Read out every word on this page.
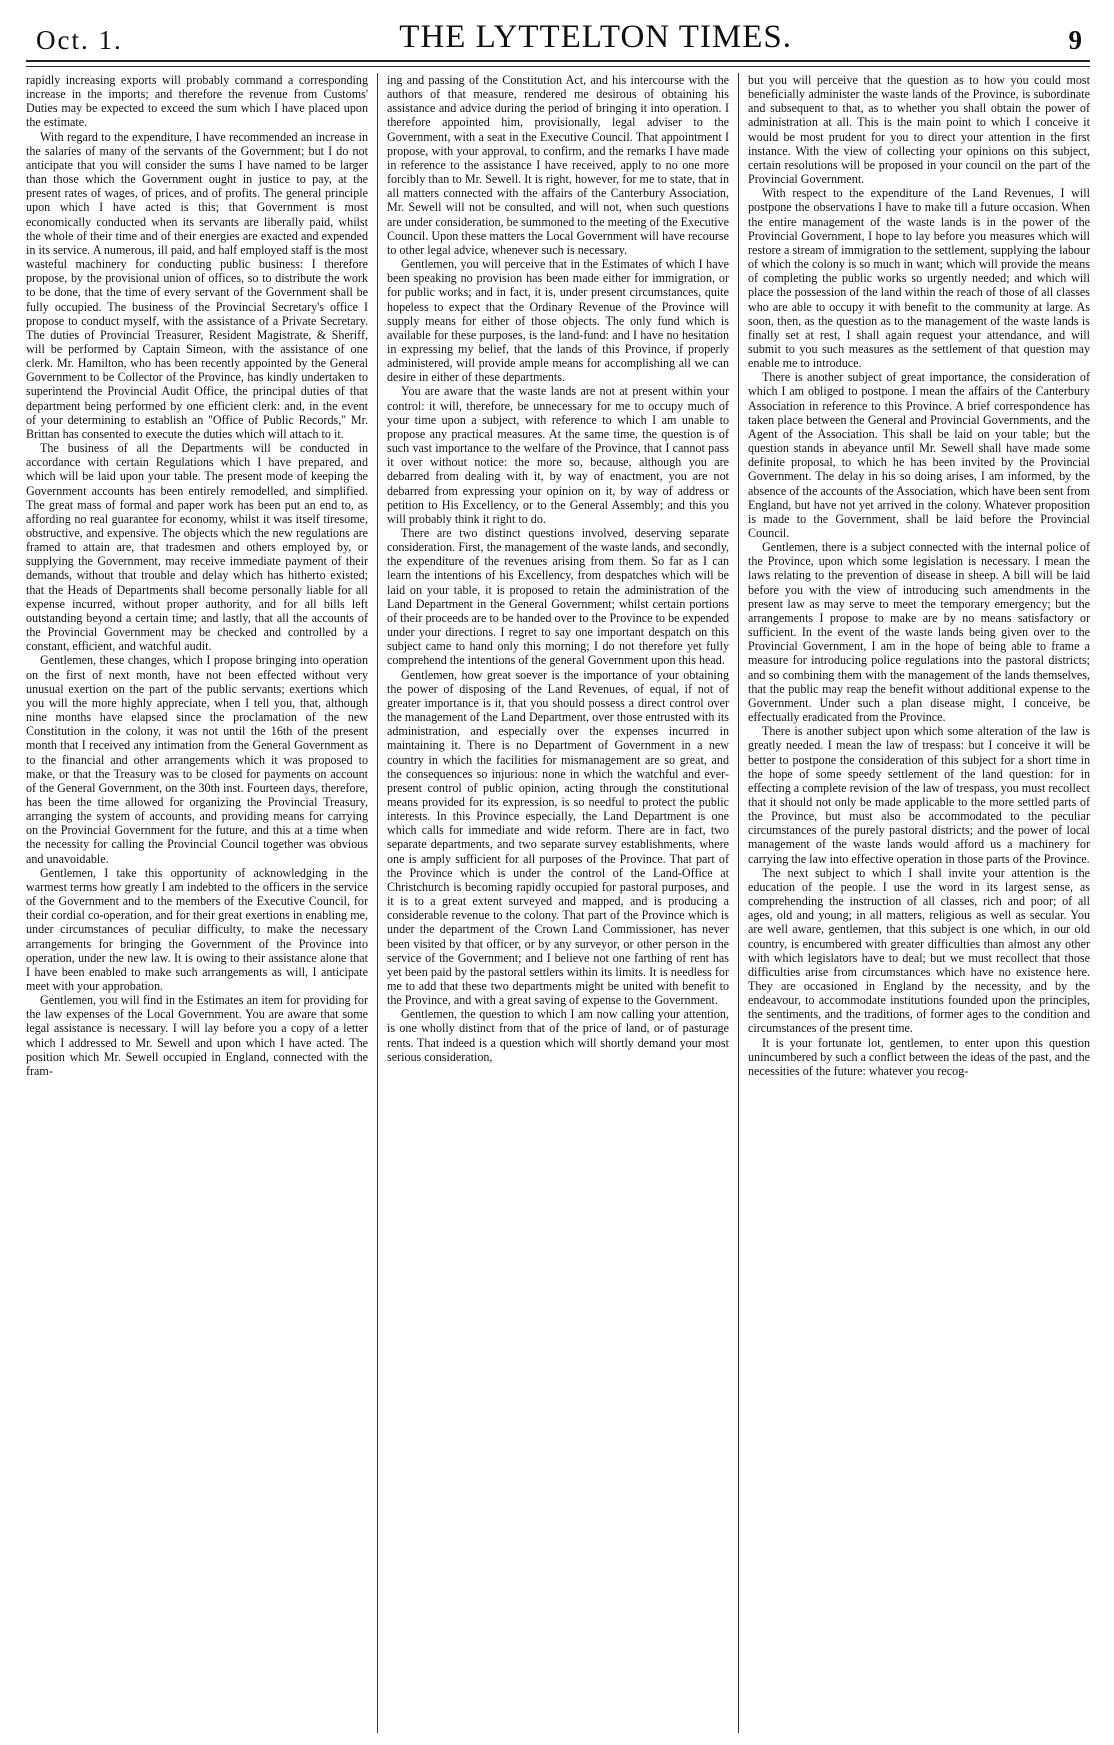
Oct. 1.	THE LYTTELTON TIMES.	9

rapidly increasing exports will probably command a corresponding increase in the imports; and therefore the revenue from Customs' Duties may be expected to exceed the sum which I have placed upon the estimate.

With regard to the expenditure, I have recommended an increase in the salaries of many of the servants of the Government; but I do not anticipate that you will consider the sums I have named to be larger than those which the Government ought in justice to pay, at the present rates of wages, of prices, and of profits. The general principle upon which I have acted is this; that Government is most economically conducted when its servants are liberally paid, whilst the whole of their time and of their energies are exacted and expended in its service. A numerous, ill paid, and half employed staff is the most wasteful machinery for conducting public business: I therefore propose, by the provisional union of offices, so to distribute the work to be done, that the time of every servant of the Government shall be fully occupied. The business of the Provincial Secretary's office I propose to conduct myself, with the assistance of a Private Secretary. The duties of Provincial Treasurer, Resident Magistrate, & Sheriff, will be performed by Captain Simeon, with the assistance of one clerk. Mr. Hamilton, who has been recently appointed by the General Government to be Collector of the Province, has kindly undertaken to superintend the Provincial Audit Office, the principal duties of that department being performed by one efficient clerk: and, in the event of your determining to establish an "Office of Public Records," Mr. Brittan has consented to execute the duties which will attach to it.

The business of all the Departments will be conducted in accordance with certain Regulations which I have prepared, and which will be laid upon your table. The present mode of keeping the Government accounts has been entirely remodelled, and simplified. The great mass of formal and paper work has been put an end to, as affording no real guarantee for economy, whilst it was itself tiresome, obstructive, and expensive. The objects which the new regulations are framed to attain are, that tradesmen and others employed by, or supplying the Government, may receive immediate payment of their demands, without that trouble and delay which has hitherto existed; that the Heads of Departments shall become personally liable for all expense incurred, without proper authority, and for all bills left outstanding beyond a certain time; and lastly, that all the accounts of the Provincial Government may be checked and controlled by a constant, efficient, and watchful audit.

Gentlemen, these changes, which I propose bringing into operation on the first of next month, have not been effected without very unusual exertion on the part of the public servants; exertions which you will the more highly appreciate, when I tell you, that, although nine months have elapsed since the proclamation of the new Constitution in the colony, it was not until the 16th of the present month that I received any intimation from the General Government as to the financial and other arrangements which it was proposed to make, or that the Treasury was to be closed for payments on account of the General Government, on the 30th inst. Fourteen days, therefore, has been the time allowed for organizing the Provincial Treasury, arranging the system of accounts, and providing means for carrying on the Provincial Government for the future, and this at a time when the necessity for calling the Provincial Council together was obvious and unavoidable.

Gentlemen, I take this opportunity of acknowledging in the warmest terms how greatly I am indebted to the officers in the service of the Government and to the members of the Executive Council, for their cordial co-operation, and for their great exertions in enabling me, under circumstances of peculiar difficulty, to make the necessary arrangements for bringing the Government of the Province into operation, under the new law. It is owing to their assistance alone that I have been enabled to make such arrangements as will, I anticipate meet with your approbation.

Gentlemen, you will find in the Estimates an item for providing for the law expenses of the Local Government. You are aware that some legal assistance is necessary. I will lay before you a copy of a letter which I addressed to Mr. Sewell and upon which I have acted. The position which Mr. Sewell occupied in England, connected with the fram-

ing and passing of the Constitution Act, and his intercourse with the authors of that measure, rendered me desirous of obtaining his assistance and advice during the period of bringing it into operation. I therefore appointed him, provisionally, legal adviser to the Government, with a seat in the Executive Council. That appointment I propose, with your approval, to confirm, and the remarks I have made in reference to the assistance I have received, apply to no one more forcibly than to Mr. Sewell. It is right, however, for me to state, that in all matters connected with the affairs of the Canterbury Association, Mr. Sewell will not be consulted, and will not, when such questions are under consideration, be summoned to the meeting of the Executive Council. Upon these matters the Local Government will have recourse to other legal advice, whenever such is necessary.

Gentlemen, you will perceive that in the Estimates of which I have been speaking no provision has been made either for immigration, or for public works; and in fact, it is, under present circumstances, quite hopeless to expect that the Ordinary Revenue of the Province will supply means for either of those objects. The only fund which is available for these purposes, is the land-fund: and I have no hesitation in expressing my belief, that the lands of this Province, if properly administered, will provide ample means for accomplishing all we can desire in either of these departments.

You are aware that the waste lands are not at present within your control: it will, therefore, be unnecessary for me to occupy much of your time upon a subject, with reference to which I am unable to propose any practical measures. At the same time, the question is of such vast importance to the welfare of the Province, that I cannot pass it over without notice: the more so, because, although you are debarred from dealing with it, by way of enactment, you are not debarred from expressing your opinion on it, by way of address or petition to His Excellency, or to the General Assembly; and this you will probably think it right to do.

There are two distinct questions involved, deserving separate consideration. First, the management of the waste lands, and secondly, the expenditure of the revenues arising from them. So far as I can learn the intentions of his Excellency, from despatches which will be laid on your table, it is proposed to retain the administration of the Land Department in the General Government; whilst certain portions of their proceeds are to be handed over to the Province to be expended under your directions. I regret to say one important despatch on this subject came to hand only this morning; I do not therefore yet fully comprehend the intentions of the general Government upon this head.

Gentlemen, how great soever is the importance of your obtaining the power of disposing of the Land Revenues, of equal, if not of greater importance is it, that you should possess a direct control over the management of the Land Department, over those entrusted with its administration, and especially over the expenses incurred in maintaining it. There is no Department of Government in a new country in which the facilities for mismanagement are so great, and the consequences so injurious: none in which the watchful and ever-present control of public opinion, acting through the constitutional means provided for its expression, is so needful to protect the public interests. In this Province especially, the Land Department is one which calls for immediate and wide reform. There are in fact, two separate departments, and two separate survey establishments, where one is amply sufficient for all purposes of the Province. That part of the Province which is under the control of the Land-Office at Christchurch is becoming rapidly occupied for pastoral purposes, and it is to a great extent surveyed and mapped, and is producing a considerable revenue to the colony. That part of the Province which is under the department of the Crown Land Commissioner, has never been visited by that officer, or by any surveyor, or other person in the service of the Government; and I believe not one farthing of rent has yet been paid by the pastoral settlers within its limits. It is needless for me to add that these two departments might be united with benefit to the Province, and with a great saving of expense to the Government.

Gentlemen, the question to which I am now calling your attention, is one wholly distinct from that of the price of land, or of pasturage rents. That indeed is a question which will shortly demand your most serious consideration,

but you will perceive that the question as to how you could most beneficially administer the waste lands of the Province, is subordinate and subsequent to that, as to whether you shall obtain the power of administration at all. This is the main point to which I conceive it would be most prudent for you to direct your attention in the first instance. With the view of collecting your opinions on this subject, certain resolutions will be proposed in your council on the part of the Provincial Government.

With respect to the expenditure of the Land Revenues, I will postpone the observations I have to make till a future occasion. When the entire management of the waste lands is in the power of the Provincial Government, I hope to lay before you measures which will restore a stream of immigration to the settlement, supplying the labour of which the colony is so much in want; which will provide the means of completing the public works so urgently needed; and which will place the possession of the land within the reach of those of all classes who are able to occupy it with benefit to the community at large. As soon, then, as the question as to the management of the waste lands is finally set at rest, I shall again request your attendance, and will submit to you such measures as the settlement of that question may enable me to introduce.

There is another subject of great importance, the consideration of which I am obliged to postpone. I mean the affairs of the Canterbury Association in reference to this Province. A brief correspondence has taken place between the General and Provincial Governments, and the Agent of the Association. This shall be laid on your table; but the question stands in abeyance until Mr. Sewell shall have made some definite proposal, to which he has been invited by the Provincial Government. The delay in his so doing arises, I am informed, by the absence of the accounts of the Association, which have been sent from England, but have not yet arrived in the colony. Whatever proposition is made to the Government, shall be laid before the Provincial Council.

Gentlemen, there is a subject connected with the internal police of the Province, upon which some legislation is necessary. I mean the laws relating to the prevention of disease in sheep. A bill will be laid before you with the view of introducing such amendments in the present law as may serve to meet the temporary emergency; but the arrangements I propose to make are by no means satisfactory or sufficient. In the event of the waste lands being given over to the Provincial Government, I am in the hope of being able to frame a measure for introducing police regulations into the pastoral districts; and so combining them with the management of the lands themselves, that the public may reap the benefit without additional expense to the Government. Under such a plan disease might, I conceive, be effectually eradicated from the Province.

There is another subject upon which some alteration of the law is greatly needed. I mean the law of trespass: but I conceive it will be better to postpone the consideration of this subject for a short time in the hope of some speedy settlement of the land question: for in effecting a complete revision of the law of trespass, you must recollect that it should not only be made applicable to the more settled parts of the Province, but must also be accommodated to the peculiar circumstances of the purely pastoral districts; and the power of local management of the waste lands would afford us a machinery for carrying the law into effective operation in those parts of the Province.

The next subject to which I shall invite your attention is the education of the people. I use the word in its largest sense, as comprehending the instruction of all classes, rich and poor; of all ages, old and young; in all matters, religious as well as secular. You are well aware, gentlemen, that this subject is one which, in our old country, is encumbered with greater difficulties than almost any other with which legislators have to deal; but we must recollect that those difficulties arise from circumstances which have no existence here. They are occasioned in England by the necessity, and by the endeavour, to accommodate institutions founded upon the principles, the sentiments, and the traditions, of former ages to the condition and circumstances of the present time.

It is your fortunate lot, gentlemen, to enter upon this question unincumbered by such a conflict between the ideas of the past, and the necessities of the future: whatever you recog-
